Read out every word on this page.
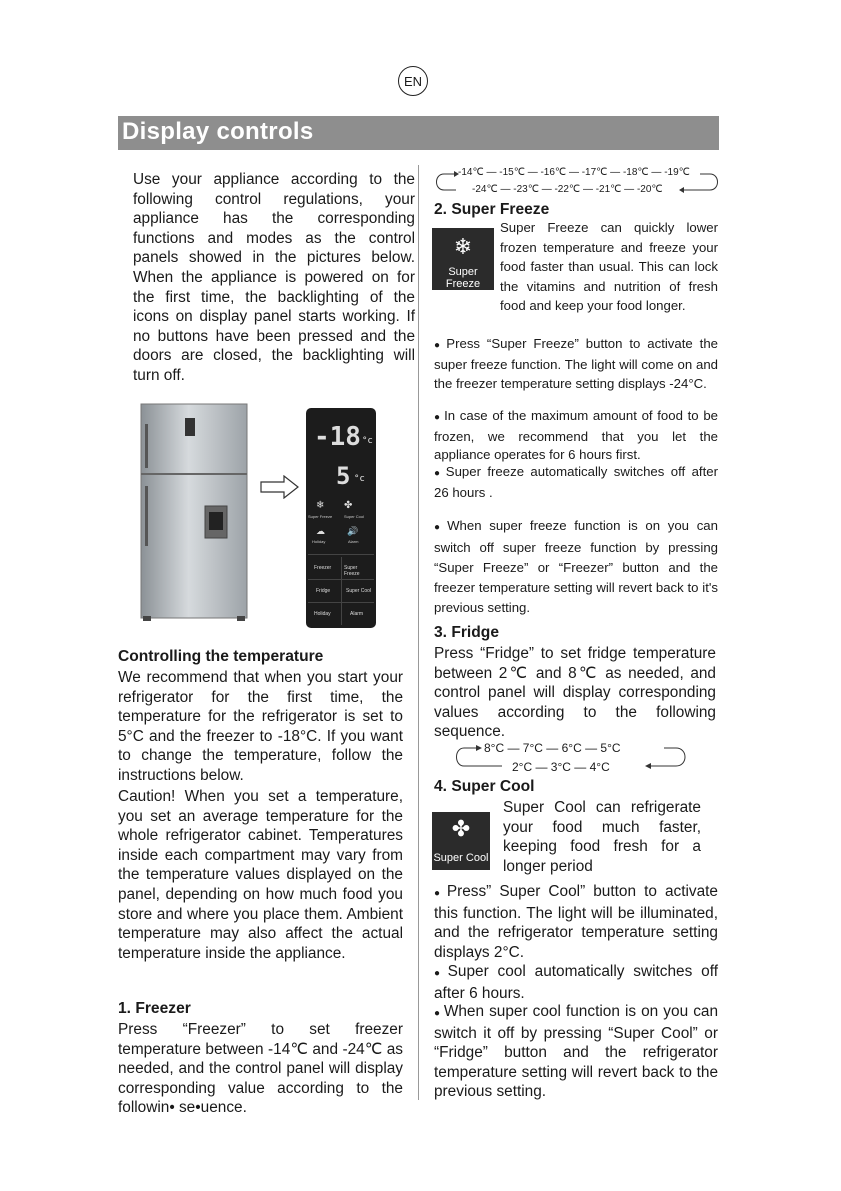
EN
Display controls
Use your appliance according to the following control regulations, your appliance has the corresponding functions and modes as the control panels showed in the pictures below. When the appliance is powered on for the first time, the backlighting of the icons on display panel starts working. If no buttons have been pressed and the doors are closed, the backlighting will turn off.
-18 °c
5 °c
❄ ✤
Super Freeze	Super Cool
☁ 🔊
Holiday	Alarm
Freezer	Super Freeze
Fridge	Super Cool
Holiday	Alarm
Controlling the temperature
We recommend that when you start your refrigerator for the first time, the temperature for the refrigerator is set to 5°C and the freezer to -18°C. If you want to change the temperature, follow the instructions below.
Caution! When you set a temperature, you set an average temperature for the whole refrigerator cabinet. Temperatures inside each compartment may vary from the temperature values displayed on the panel, depending on how much food you store and where you place them. Ambient temperature may also affect the actual temperature inside the appliance.
1. Freezer
Press “Freezer” to set freezer temperature between -14℃ and -24℃ as needed, and the control panel will display corresponding value according to the followin• se•uence.
-14℃ — -15℃ — -16℃ — -17℃ — -18℃ — -19℃
-24℃ — -23℃ — -22℃ — -21℃ — -20℃
2. Super Freeze
❄
Super Freeze
Super Freeze can quickly lower frozen temperature and freeze your food faster than usual. This can lock the vitamins and nutrition of fresh food and keep your food longer.
● Press “Super Freeze” button to activate the super freeze function. The light will come on and the freezer temperature setting displays -24°C.
● In case of the maximum amount of food to be frozen, we recommend that you let the appliance operates for 6 hours first.
● Super freeze automatically switches off after 26 hours .
● When super freeze function is on you can switch off super freeze function by pressing “Super Freeze” or “Freezer” button and the freezer temperature setting will revert back to it's previous setting.
3. Fridge
Press “Fridge” to set fridge temperature between 2℃ and 8℃ as needed, and control panel will display corresponding values according to the following sequence.
8°C — 7°C — 6°C — 5°C
2°C — 3°C — 4°C
4. Super Cool
✤
Super Cool
Super Cool can refrigerate your food much faster, keeping food fresh for a longer period
● Press” Super Cool” button to activate this function. The light will be illuminated, and the refrigerator temperature setting displays 2°C.
● Super cool automatically switches off after 6 hours.
● When super cool function is on you can switch it off by pressing “Super Cool” or “Fridge” button and the refrigerator temperature setting will revert back to the previous setting.
